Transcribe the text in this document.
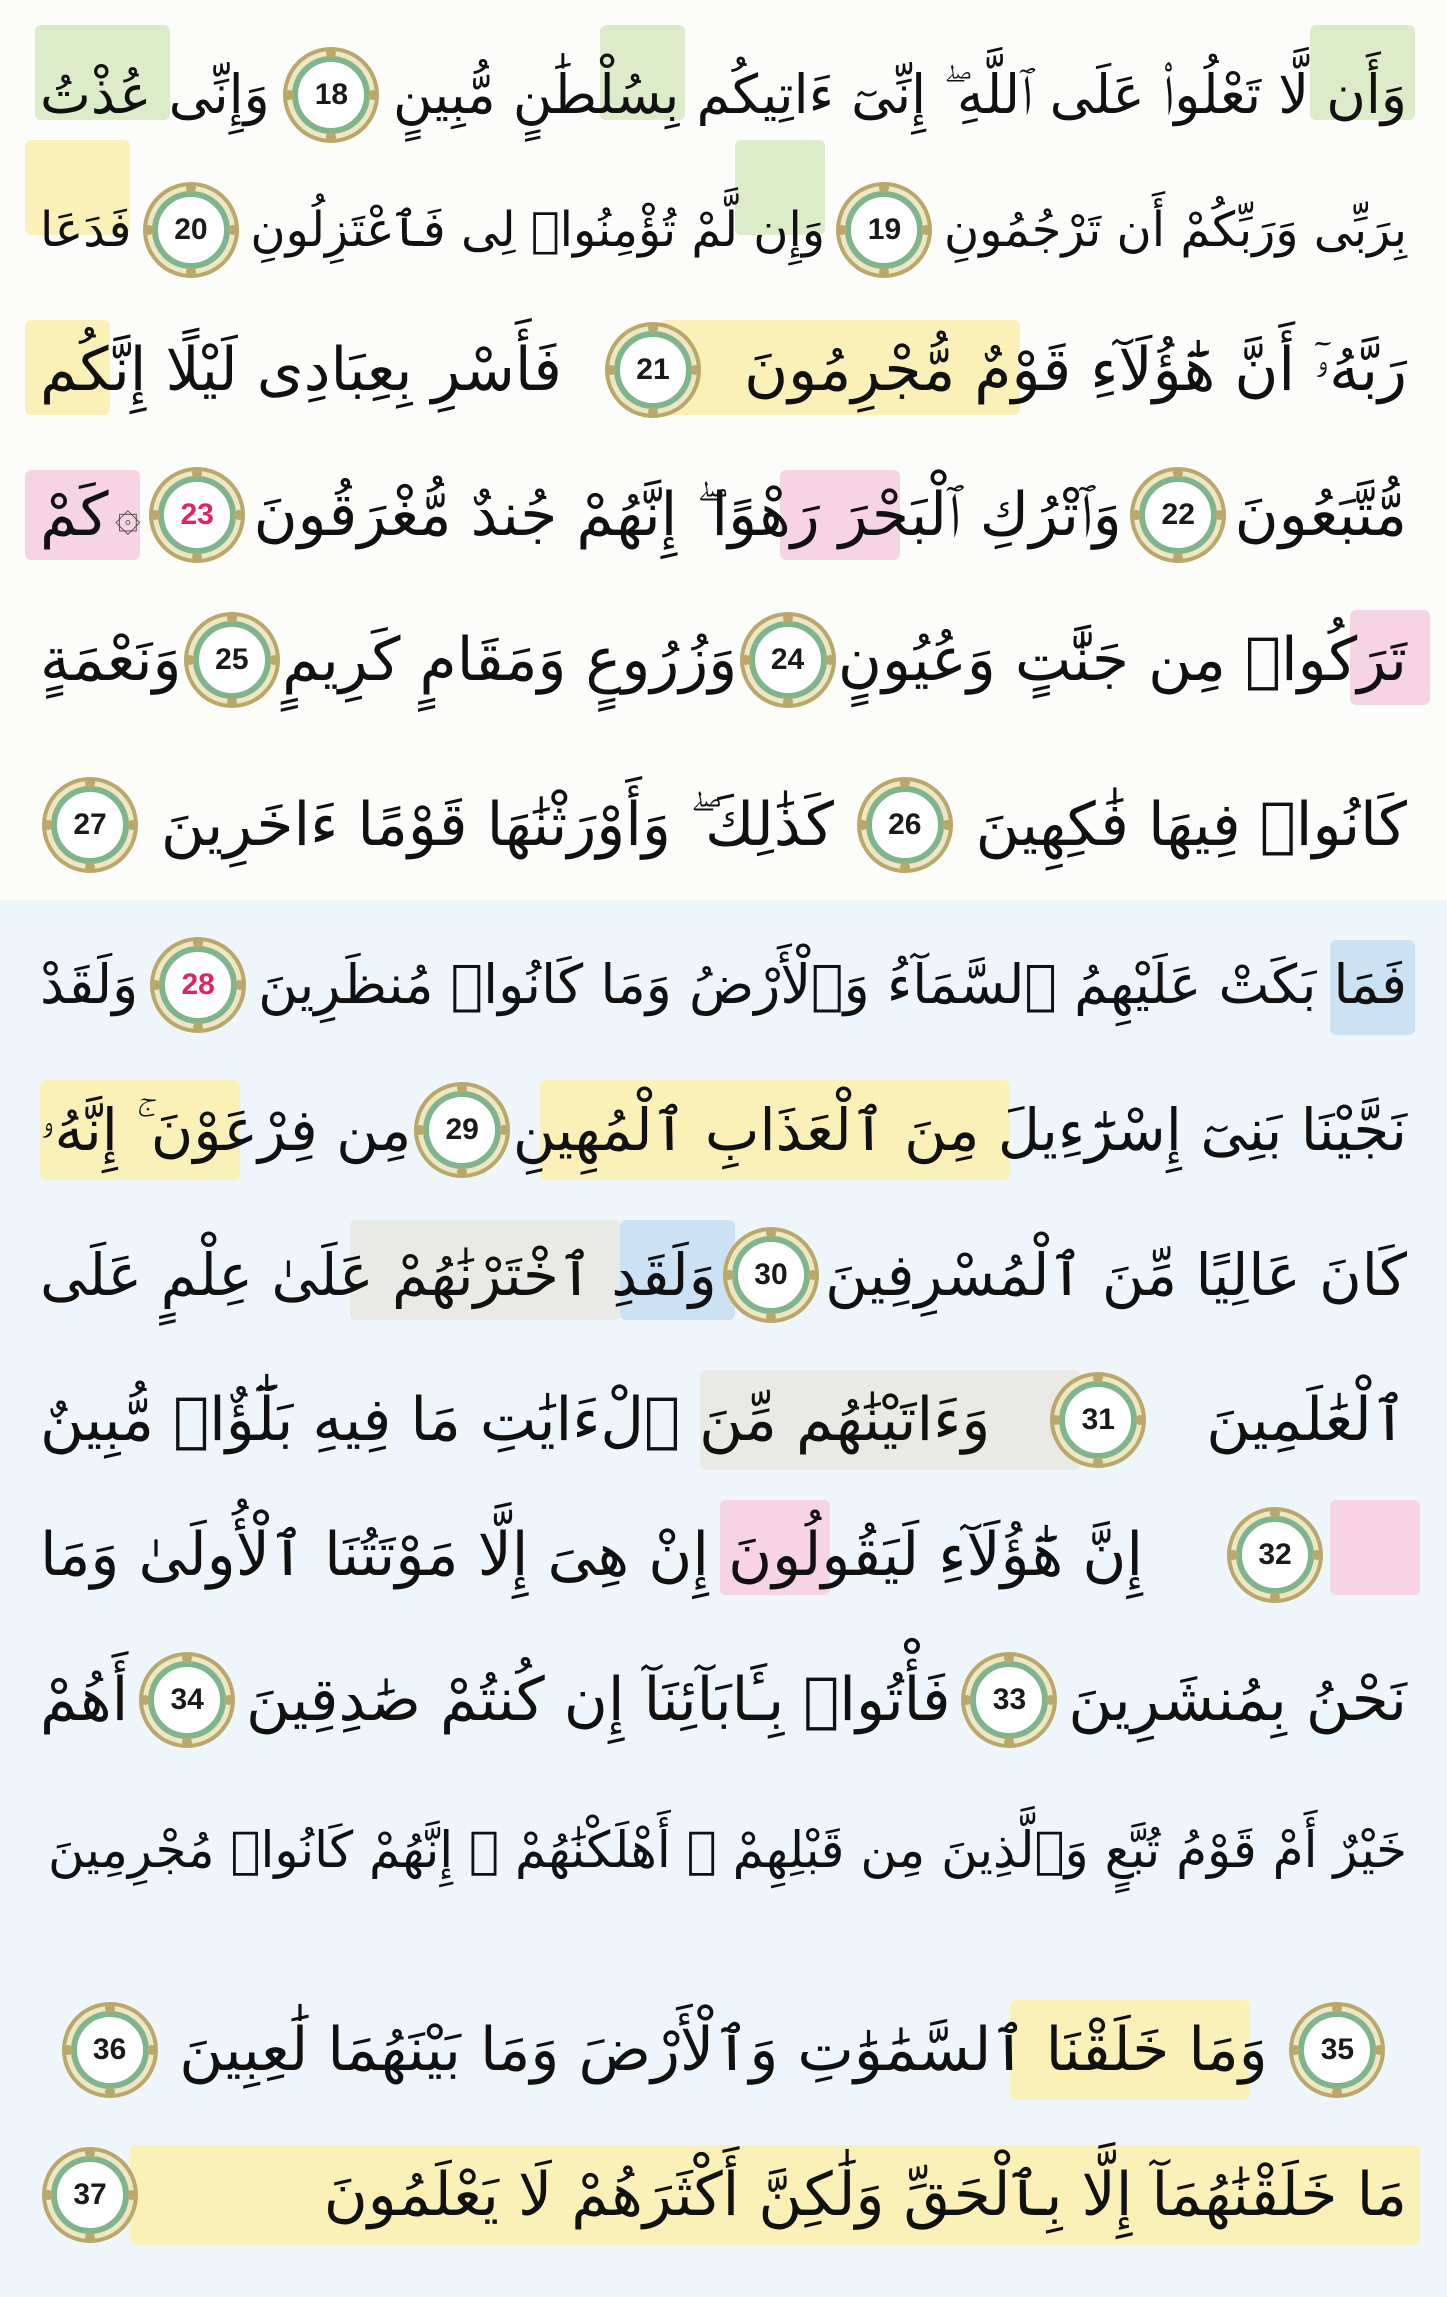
وَأَن لَّا تَعْلُوا۟ عَلَى ٱللَّهِ ۖ إِنِّىٓ ءَاتِيكُم بِسُلْطَٰنٍ مُّبِينٍ
18
وَإِنِّى عُذْتُ
بِرَبِّى وَرَبِّكُمْ أَن تَرْجُمُونِ
19
وَإِن لَّمْ تُؤْمِنُوا۟ لِى فَٱعْتَزِلُونِ
20
فَدَعَا
رَبَّهُۥٓ أَنَّ هَٰٓؤُلَآءِ قَوْمٌ مُّجْرِمُونَ
21
فَأَسْرِ بِعِبَادِى لَيْلًا إِنَّكُم
مُّتَّبَعُونَ
22
وَٱتْرُكِ ٱلْبَحْرَ رَهْوًا ۖ إِنَّهُمْ جُندٌ مُّغْرَقُونَ
23
۞
كَمْ
تَرَكُوا۟ مِن جَنَّٰتٍ وَعُيُونٍ
24
وَزُرُوعٍ وَمَقَامٍ كَرِيمٍ
25
وَنَعْمَةٍ
كَانُوا۟ فِيهَا فَٰكِهِينَ
26
كَذَٰلِكَ ۖ وَأَوْرَثْنَٰهَا قَوْمًا ءَاخَرِينَ
27
فَمَا بَكَتْ عَلَيْهِمُ ٱلسَّمَآءُ وَٱلْأَرْضُ وَمَا كَانُوا۟ مُنظَرِينَ
28
وَلَقَدْ
نَجَّيْنَا بَنِىٓ إِسْرَٰٓءِيلَ مِنَ ٱلْعَذَابِ ٱلْمُهِينِ
29
مِن فِرْعَوْنَ ۚ إِنَّهُۥ
كَانَ عَالِيًا مِّنَ ٱلْمُسْرِفِينَ
30
وَلَقَدِ ٱخْتَرْنَٰهُمْ عَلَىٰ عِلْمٍ عَلَى
ٱلْعَٰلَمِينَ
31
وَءَاتَيْنَٰهُم مِّنَ ٱلْءَايَٰتِ مَا فِيهِ بَلَٰٓؤٌا۟ مُّبِينٌ
32
إِنَّ هَٰٓؤُلَآءِ لَيَقُولُونَ إِنْ هِىَ إِلَّا مَوْتَتُنَا ٱلْأُولَىٰ وَمَا
نَحْنُ بِمُنشَرِينَ
33
فَأْتُوا۟ بِـَٔابَآئِنَآ إِن كُنتُمْ صَٰدِقِينَ
34
أَهُمْ
خَيْرٌ أَمْ قَوْمُ تُبَّعٍ وَٱلَّذِينَ مِن قَبْلِهِمْ ۚ أَهْلَكْنَٰهُمْ ۖ إِنَّهُمْ كَانُوا۟ مُجْرِمِينَ
35
وَمَا خَلَقْنَا ٱلسَّمَٰوَٰتِ وَٱلْأَرْضَ وَمَا بَيْنَهُمَا لَٰعِبِينَ
36
مَا خَلَقْنَٰهُمَآ إِلَّا بِٱلْحَقِّ وَلَٰكِنَّ أَكْثَرَهُمْ لَا يَعْلَمُونَ
37
